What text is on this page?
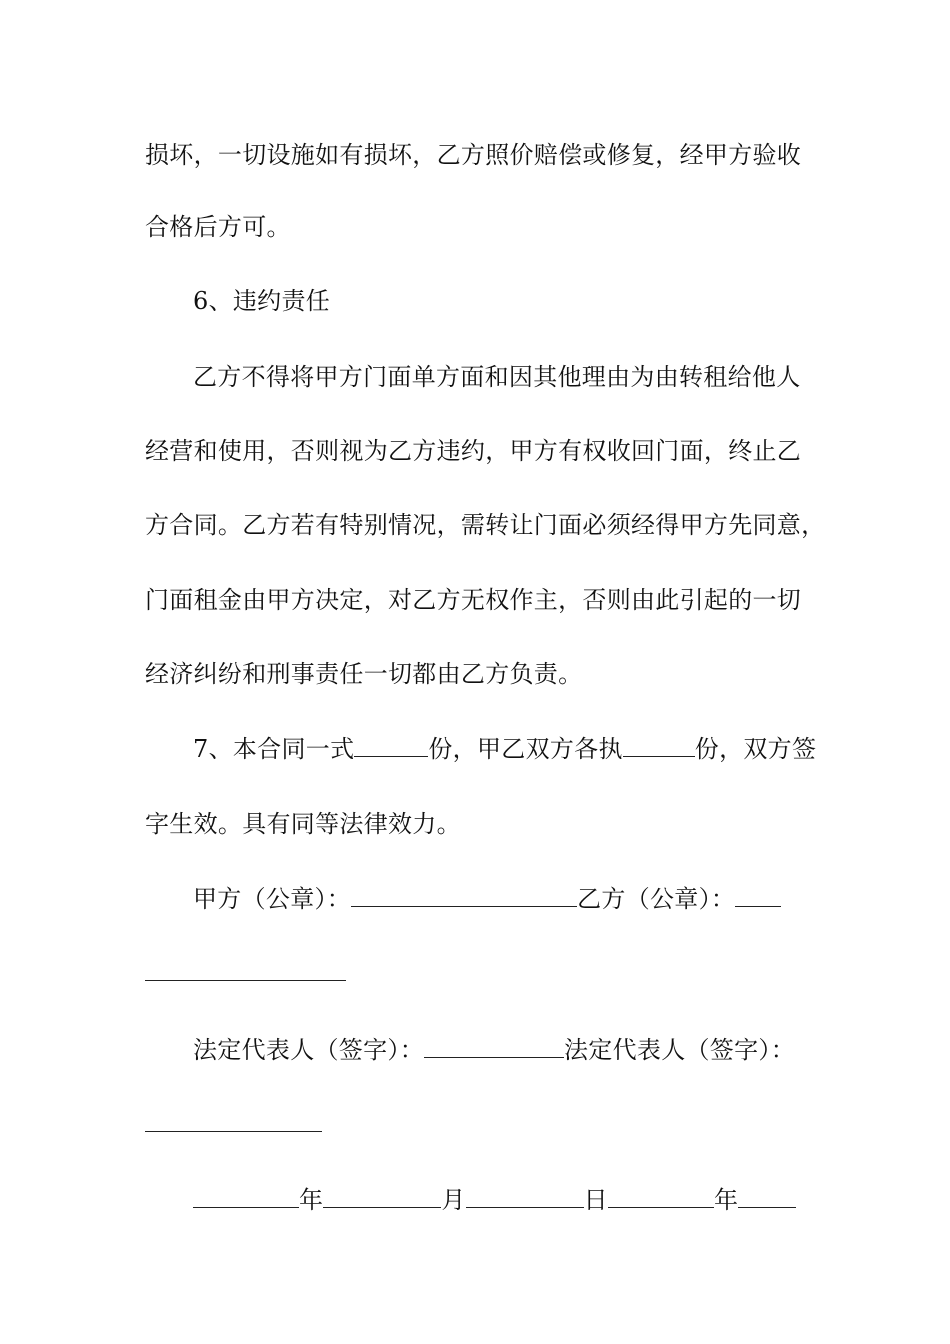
损坏，一切设施如有损坏，乙方照价赔偿或修复，经甲方验收
合格后方可。
6、违约责任
乙方不得将甲方门面单方面和因其他理由为由转租给他人
经营和使用，否则视为乙方违约，甲方有权收回门面，终止乙
方合同。乙方若有特别情况，需转让门面必须经得甲方先同意，
门面租金由甲方决定，对乙方无权作主，否则由此引起的一切
经济纠纷和刑事责任一切都由乙方负责。
7、本合同一式	份，甲乙双方各执	份，双方签
字生效。具有同等法律效力。
甲方（公章）：	乙方（公章）：
法定代表人（签字）：	法定代表人（签字）：
年	月	日	年
